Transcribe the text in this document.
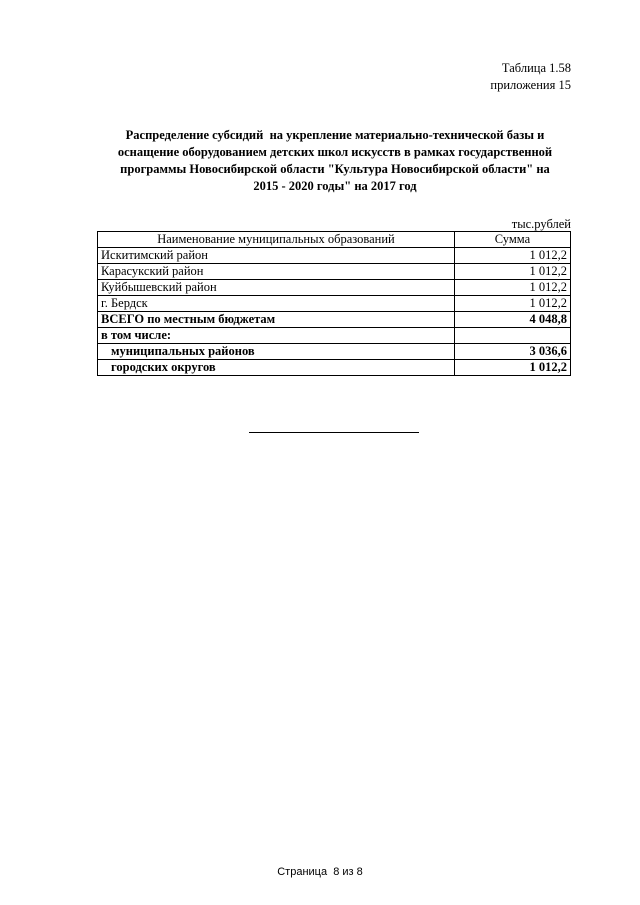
Таблица 1.58
приложения 15
Распределение субсидий  на укрепление материально-технической базы и
оснащение оборудованием детских школ искусств в рамках государственной
программы Новосибирской области "Культура Новосибирской области" на
2015 - 2020 годы" на 2017 год
тыс.рублей
Наименование муниципальных образований	Сумма
Искитимский район	1 012,2
Карасукский район	1 012,2
Куйбышевский район	1 012,2
г. Бердск	1 012,2
ВСЕГО по местным бюджетам	4 048,8
в том числе:	
муниципальных районов	3 036,6
городских округов	1 012,2
Страница  8 из 8
